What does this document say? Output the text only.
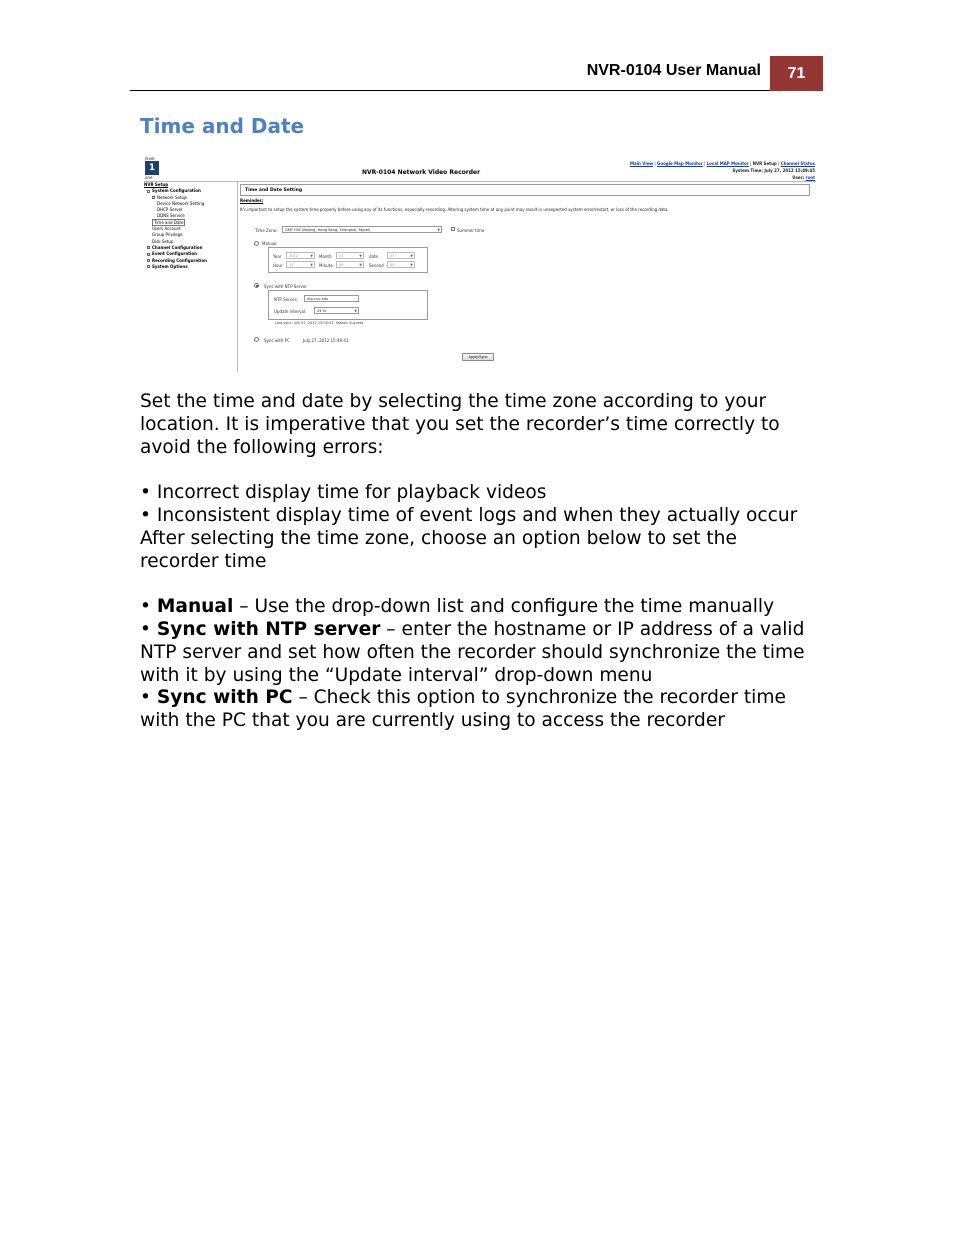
NVR-0104 User Manual 71
Time and Date
level
1
one
NVR-0104 Network Video Recorder
Main View | Google Map Monitor | Local MAP Monitor | NVR Setup | Channel Status
System Time: July 27, 2012 15:49:45
User: root
NVR Setup
System Configuration
Network Setup
Device Network Setting
DHCP Server
DDNS Service
Time and Date
Users Account
Group Privilege
Disk Setup
Channel Configuration
Event Configuration
Recording Configuration
System Options
Time and Date Setting
Reminder:
It's important to setup the system time properly before using any of its functions, especially recording. Altering system time at any point may result in unexpected system error/restart, or loss of the recording data.
Time Zone:	GMT+08 (Beijing, Hong Kong, Shanghai, Taipei)	▼	Summer time
Manual
Year	2012	▼ Month	07	▼ date	27	▼
Hour	15	▼ Minute	49	▼ Second	45	▼
Sync with NTP Server
NTP Server:	ntp.ccu.edu
Update interval:	24 hr	▼
Last sync: July 27, 2012 15:05:47, Status: Success
Sync with PC	July 27, 2012 15:49:43
Apply/Sync

Set the time and date by selecting the time zone according to your location. It is imperative that you set the recorder’s time correctly to avoid the following errors:

• Incorrect display time for playback videos

• Inconsistent display time of event logs and when they actually occur

After selecting the time zone, choose an option below to set the recorder time

• Manual – Use the drop-down list and configure the time manually

• Sync with NTP server – enter the hostname or IP address of a valid NTP server and set how often the recorder should synchronize the time with it by using the “Update interval” drop-down menu

• Sync with PC – Check this option to synchronize the recorder time with the PC that you are currently using to access the recorder
